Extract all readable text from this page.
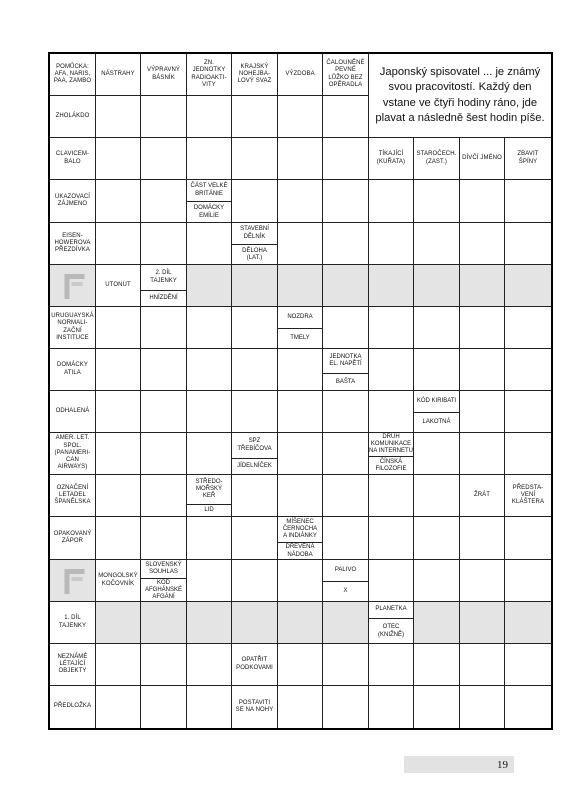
POMŮCKA:
AFA, NARIS,
PAA, ZAMBO
NÁSTRAHY
VÝPRAVNÝ
BÁSNÍK
ZN.
JEDNOTKY
RADIOAKTI-
VITY
KRAJSKÝ
NOHEJBA-
LOVÝ SVAZ
VÝZDOBA
ČALOUNĚNÉ
PEVNÉ
LŮŽKO BEZ
OPĚRADLA
Japonský spisovatel ... je známý svou pracovitostí. Každý den vstane ve čtyři hodiny ráno, jde plavat a následně šest hodin píše.
ZHOLÁKDO
CLAVICEM-
BALO
UKAZOVACÍ
ZÁJMENO
EISEN-
HOWEROVA
PŘEZDÍVKA
URUGUAYSKÁ
NORMALI-
ZAČNÍ
INSTITUCE
DOMÁCKY
ATILA
ODHALENÁ
AMER. LET.
SPOL.
(PANAMERI-
CAN
AIRWAYS)
OZNAČENÍ
LETADEL
ŠPANĚLSKA
OPAKOVANÝ
ZÁPOR
1. DÍL
TAJENKY
NEZNÁMÉ
LÉTAJÍCÍ
OBJEKTY
PŘEDLOŽKA
TÍKAJÍCÍ
(KUŘATA)
STAROČECH.
(ZAST.)
DÍVČÍ JMÉNO
ZBAVIT
ŠPÍNY
ČÁST VELKÉ
BRITÁNIE
DOMÁCKY
EMÍLIE
STAVEBNÍ
DĚLNÍK
DĚLOHA
(LAT.)
UTONUT
2. DÍL
TAJENKY
HNÍZDĚNÍ
NOZDRA
TMELY
JEDNOTKA
EL. NAPĚTÍ
BAŠTA
KÓD KIRIBATI
LAKOTNÁ
SPZ
TŘEBÍČOVA
JÍDELNÍČEK
DRUH
KOMUNIKACE
NA INTERNETU
ČÍNSKÁ
FILOZOFIE
STŘEDO-
MOŘSKÝ
KEŘ
LID
ŽRÁT
PŘEDSTA-
VENÍ
KLÁŠTERA
MÍŠENEC
ČERNOCHA
A INDIÁNKY
DŘEVĚNÁ
NÁDOBA
MONGOLSKÝ
KOČOVNÍK
SLOVENSKÝ
SOUHLAS
KÓD
AFGHÁNSKÉ
AFGÁNÍ
PALIVO
X
PLANETKA
OTEC
(KNIŽNĚ)
OPATŘIT
PODKOVAMI
POSTAVITI
SE NA NOHY
19
